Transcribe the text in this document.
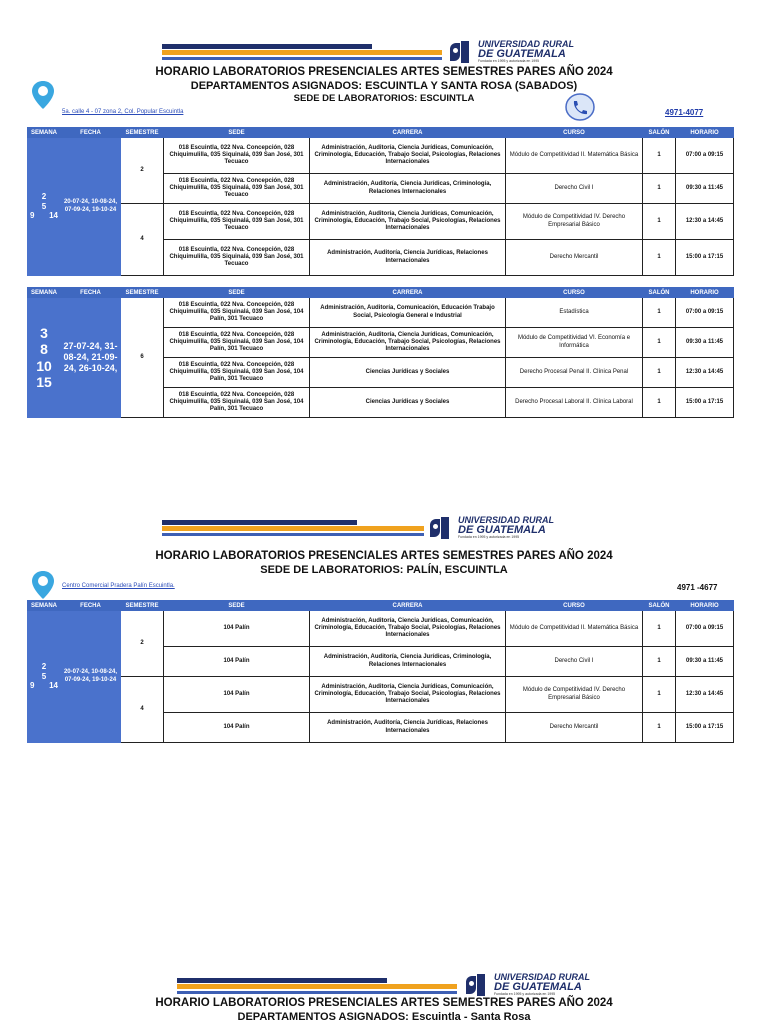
UNIVERSIDAD RURAL
DE GUATEMALA
Fundada en 1995 y autorizada en 1995
HORARIO LABORATORIOS PRESENCIALES ARTES SEMESTRES PARES AÑO 2024
DEPARTAMENTOS ASIGNADOS: ESCUINTLA Y SANTA ROSA (SABADOS)
SEDE DE LABORATORIOS: ESCUINTLA
5a. calle 4 - 07 zona 2, Col. Popular Escuintla	4971-4077
SEMANA	FECHA	SEMESTRE	SEDE	CARRERA	CURSO	SALÓN	HORARIO

2
5
9 14	20-07-24, 10-08-24, 07-09-24, 19-10-24	2	018 Escuintla, 022 Nva. Concepción, 028 Chiquimulilla, 035 Siquinalá, 039 San José, 301 Tecuaco	Administración, Auditoría, Ciencia Jurídicas, Comunicación, Criminología, Educación, Trabajo Social, Psicologías, Relaciones Internacionales	Módulo de Competitividad II. Matemática Básica	1	07:00 a 09:15
			018 Escuintla, 022 Nva. Concepción, 028 Chiquimulilla, 035 Siquinalá, 039 San José, 301 Tecuaco	Administración, Auditoría, Ciencia Jurídicas, Criminología, Relaciones Internacionales	Derecho Civil I	1	09:30 a 11:45
		4	018 Escuintla, 022 Nva. Concepción, 028 Chiquimulilla, 035 Siquinalá, 039 San José, 301 Tecuaco	Administración, Auditoría, Ciencia Jurídicas, Comunicación, Criminología, Educación, Trabajo Social, Psicologías, Relaciones Internacionales	Módulo de Competitividad IV. Derecho Empresarial Básico	1	12:30 a 14:45
			018 Escuintla, 022 Nva. Concepción, 028 Chiquimulilla, 035 Siquinalá, 039 San José, 301 Tecuaco	Administración, Auditoría, Ciencia Jurídicas, Relaciones Internacionales	Derecho Mercantil	1	15:00 a 17:15
SEMANA	FECHA	SEMESTRE	SEDE	CARRERA	CURSO	SALÓN	HORARIO

3
8
10
15	27-07-24, 31-08-24, 21-09-24, 26-10-24,	6	018 Escuintla, 022 Nva. Concepción, 028 Chiquimulilla, 035 Siquinalá, 039 San José, 104 Palín, 301 Tecuaco	Administración, Auditoría, Comunicación, Educación Trabajo Social, Psicología General e Industrial	Estadística	1	07:00 a 09:15
			018 Escuintla, 022 Nva. Concepción, 028 Chiquimulilla, 035 Siquinalá, 039 San José, 104 Palín, 301 Tecuaco	Administración, Auditoría, Ciencia Jurídicas, Comunicación, Criminología, Educación, Trabajo Social, Psicologías, Relaciones Internacionales	Módulo de Competitividad VI. Economía e Informática	1	09:30 a 11:45
			018 Escuintla, 022 Nva. Concepción, 028 Chiquimulilla, 035 Siquinalá, 039 San José, 104 Palín, 301 Tecuaco	Ciencias Jurídicas y Sociales	Derecho Procesal Penal II. Clínica Penal	1	12:30 a 14:45
			018 Escuintla, 022 Nva. Concepción, 028 Chiquimulilla, 035 Siquinalá, 039 San José, 104 Palín, 301 Tecuaco	Ciencias Jurídicas y Sociales	Derecho Procesal Laboral II. Clínica Laboral	1	15:00 a 17:15
UNIVERSIDAD RURAL
DE GUATEMALA
Fundada en 1995 y autorizada en 1995
HORARIO LABORATORIOS PRESENCIALES ARTES SEMESTRES PARES AÑO 2024
SEDE DE LABORATORIOS: PALÍN, ESCUINTLA
Centro Comercial Pradera Palín Escuintla.	4971 -4677
SEMANA	FECHA	SEMESTRE	SEDE	CARRERA	CURSO	SALÓN	HORARIO

2
5
9 14	20-07-24, 10-08-24, 07-09-24, 19-10-24	2	104 Palín	Administración, Auditoría, Ciencia Jurídicas, Comunicación, Criminología, Educación, Trabajo Social, Psicologías, Relaciones Internacionales	Módulo de Competitividad II. Matemática Básica	1	07:00 a 09:15
			104 Palín	Administración, Auditoría, Ciencia Jurídicas, Criminología, Relaciones Internacionales	Derecho Civil I	1	09:30 a 11:45
		4	104 Palín	Administración, Auditoría, Ciencia Jurídicas, Comunicación, Criminología, Educación, Trabajo Social, Psicologías, Relaciones Internacionales	Módulo de Competitividad IV. Derecho Empresarial Básico	1	12:30 a 14:45
			104 Palín	Administración, Auditoría, Ciencia Jurídicas, Relaciones Internacionales	Derecho Mercantil	1	15:00 a 17:15
UNIVERSIDAD RURAL
DE GUATEMALA
Fundada en 1995 y autorizada en 1995
HORARIO LABORATORIOS PRESENCIALES ARTES SEMESTRES PARES AÑO 2024
DEPARTAMENTOS ASIGNADOS: Escuintla - Santa Rosa
